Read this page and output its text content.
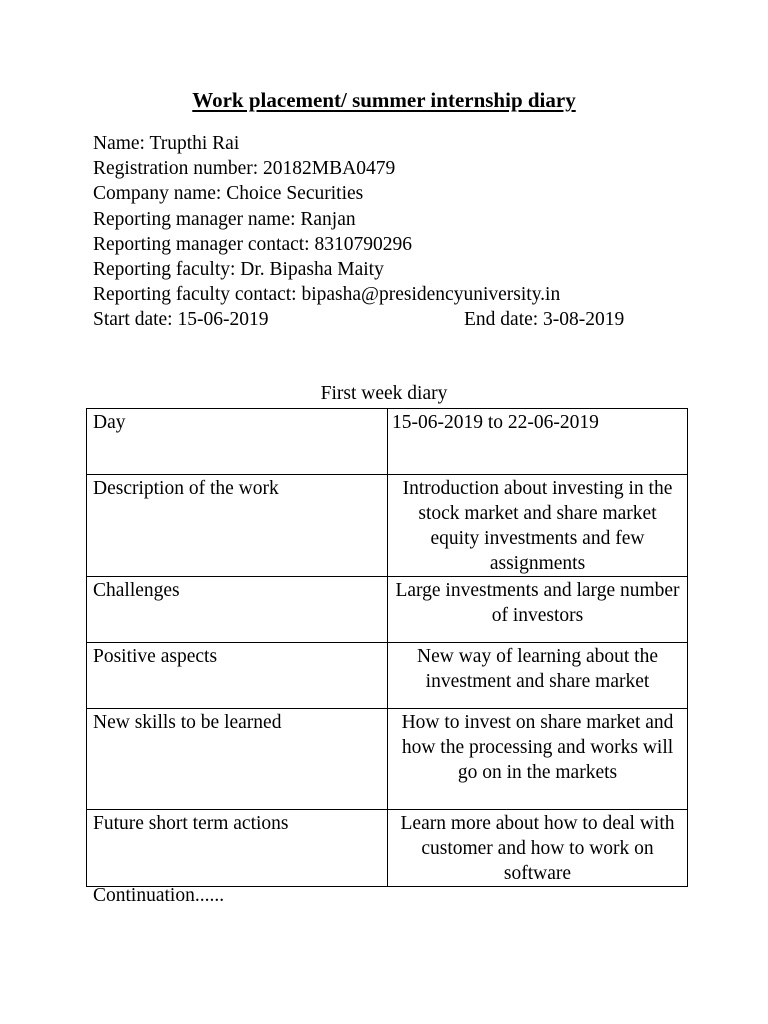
Work placement/ summer internship diary
Name: Trupthi Rai
Registration number: 20182MBA0479
Company name: Choice Securities
Reporting manager name: Ranjan
Reporting manager contact: 8310790296
Reporting faculty: Dr. Bipasha Maity
Reporting faculty contact: bipasha@presidencyuniversity.in
Start date: 15-06-2019	End date: 3-08-2019
First week diary
Day	15-06-2019 to 22-06-2019
Description of the work	Introduction about investing in the stock market and share market equity investments and few assignments
Challenges	Large investments and large number of investors
Positive aspects	New way of learning about the investment and share market
New skills to be learned	How to invest on share market and how the processing and works will go on in the markets
Future short term actions	Learn more about how to deal with customer and how to work on software
Continuation......
